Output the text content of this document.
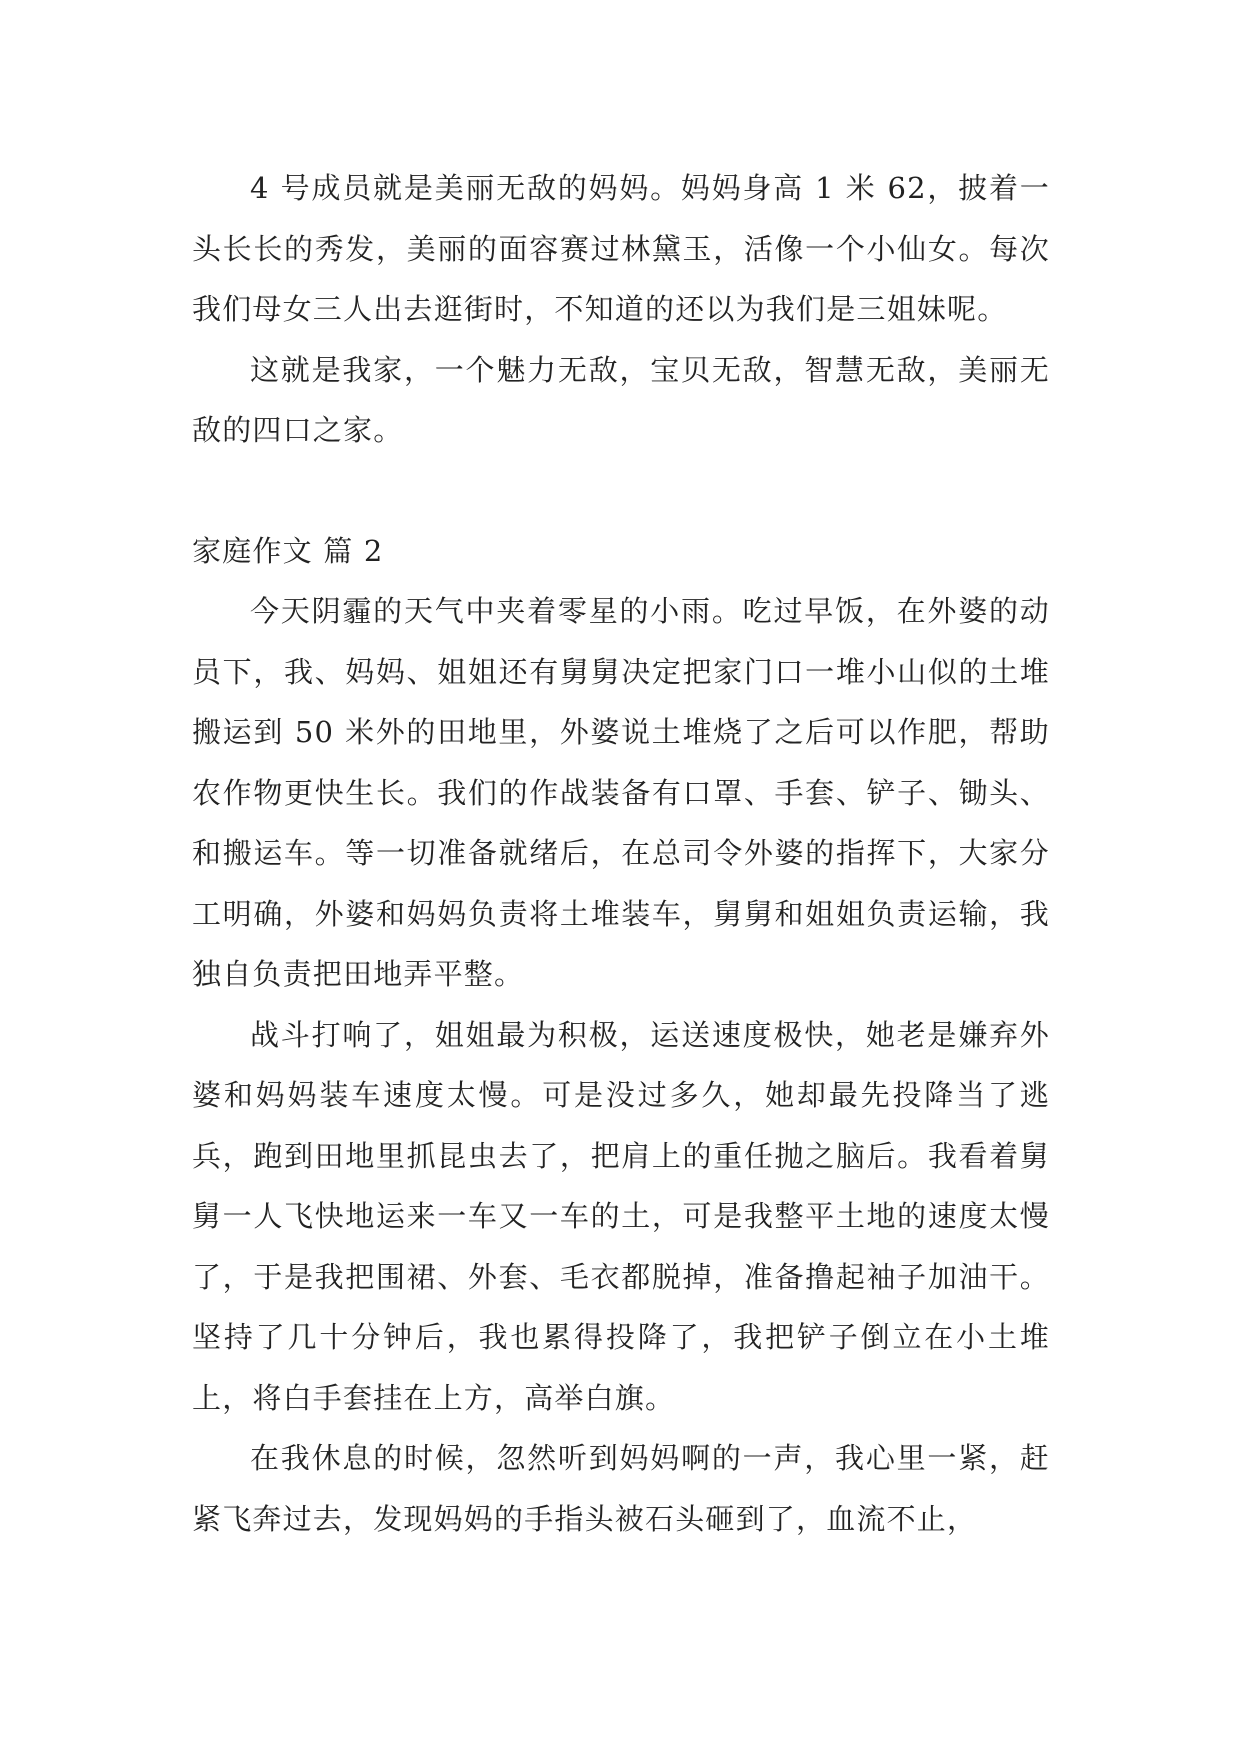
4 号成员就是美丽无敌的妈妈。妈妈身高 1 米 62，披着一头长长的秀发，美丽的面容赛过林黛玉，活像一个小仙女。每次我们母女三人出去逛街时，不知道的还以为我们是三姐妹呢。

这就是我家，一个魅力无敌，宝贝无敌，智慧无敌，美丽无敌的四口之家。

家庭作文 篇 2

今天阴霾的天气中夹着零星的小雨。吃过早饭，在外婆的动员下，我、妈妈、姐姐还有舅舅决定把家门口一堆小山似的土堆搬运到 50 米外的田地里，外婆说土堆烧了之后可以作肥，帮助农作物更快生长。我们的作战装备有口罩、手套、铲子、锄头、和搬运车。等一切准备就绪后，在总司令外婆的指挥下，大家分工明确，外婆和妈妈负责将土堆装车，舅舅和姐姐负责运输，我独自负责把田地弄平整。

战斗打响了，姐姐最为积极，运送速度极快，她老是嫌弃外婆和妈妈装车速度太慢。可是没过多久，她却最先投降当了逃兵，跑到田地里抓昆虫去了，把肩上的重任抛之脑后。我看着舅舅一人飞快地运来一车又一车的土，可是我整平土地的速度太慢了，于是我把围裙、外套、毛衣都脱掉，准备撸起袖子加油干。坚持了几十分钟后，我也累得投降了，我把铲子倒立在小土堆上，将白手套挂在上方，高举白旗。

在我休息的时候，忽然听到妈妈啊的一声，我心里一紧，赶紧飞奔过去，发现妈妈的手指头被石头砸到了，血流不止，
